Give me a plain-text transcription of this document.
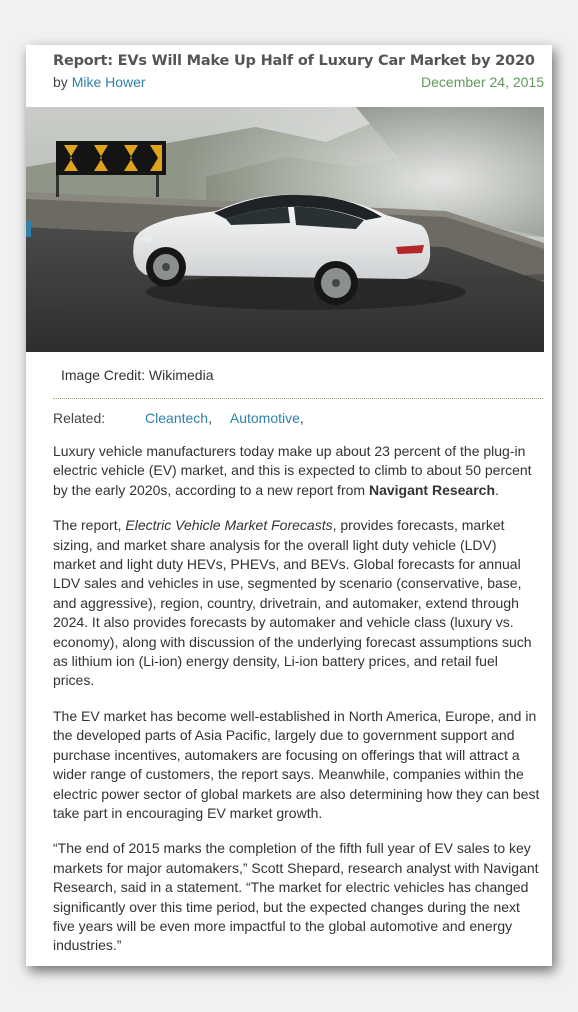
Report: EVs Will Make Up Half of Luxury Car Market by 2020
by Mike Hower	December 24, 2015
Image Credit: Wikimedia
Related:	Cleantech, Automotive,

Luxury vehicle manufacturers today make up about 23 percent of the plug-in electric vehicle (EV) market, and this is expected to climb to about 50 percent by the early 2020s, according to a new report from Navigant Research.

The report, Electric Vehicle Market Forecasts, provides forecasts, market sizing, and market share analysis for the overall light duty vehicle (LDV) market and light duty HEVs, PHEVs, and BEVs. Global forecasts for annual LDV sales and vehicles in use, segmented by scenario (conservative, base, and aggressive), region, country, drivetrain, and automaker, extend through 2024. It also provides forecasts by automaker and vehicle class (luxury vs. economy), along with discussion of the underlying forecast assumptions such as lithium ion (Li-ion) energy density, Li-ion battery prices, and retail fuel prices.

The EV market has become well-established in North America, Europe, and in the developed parts of Asia Pacific, largely due to government support and purchase incentives, automakers are focusing on offerings that will attract a wider range of customers, the report says. Meanwhile, companies within the electric power sector of global markets are also determining how they can best take part in encouraging EV market growth.

“The end of 2015 marks the completion of the fifth full year of EV sales to key markets for major automakers,” Scott Shepard, research analyst with Navigant Research, said in a statement. “The market for electric vehicles has changed significantly over this time period, but the expected changes during the next five years will be even more impactful to the global automotive and energy industries.”
